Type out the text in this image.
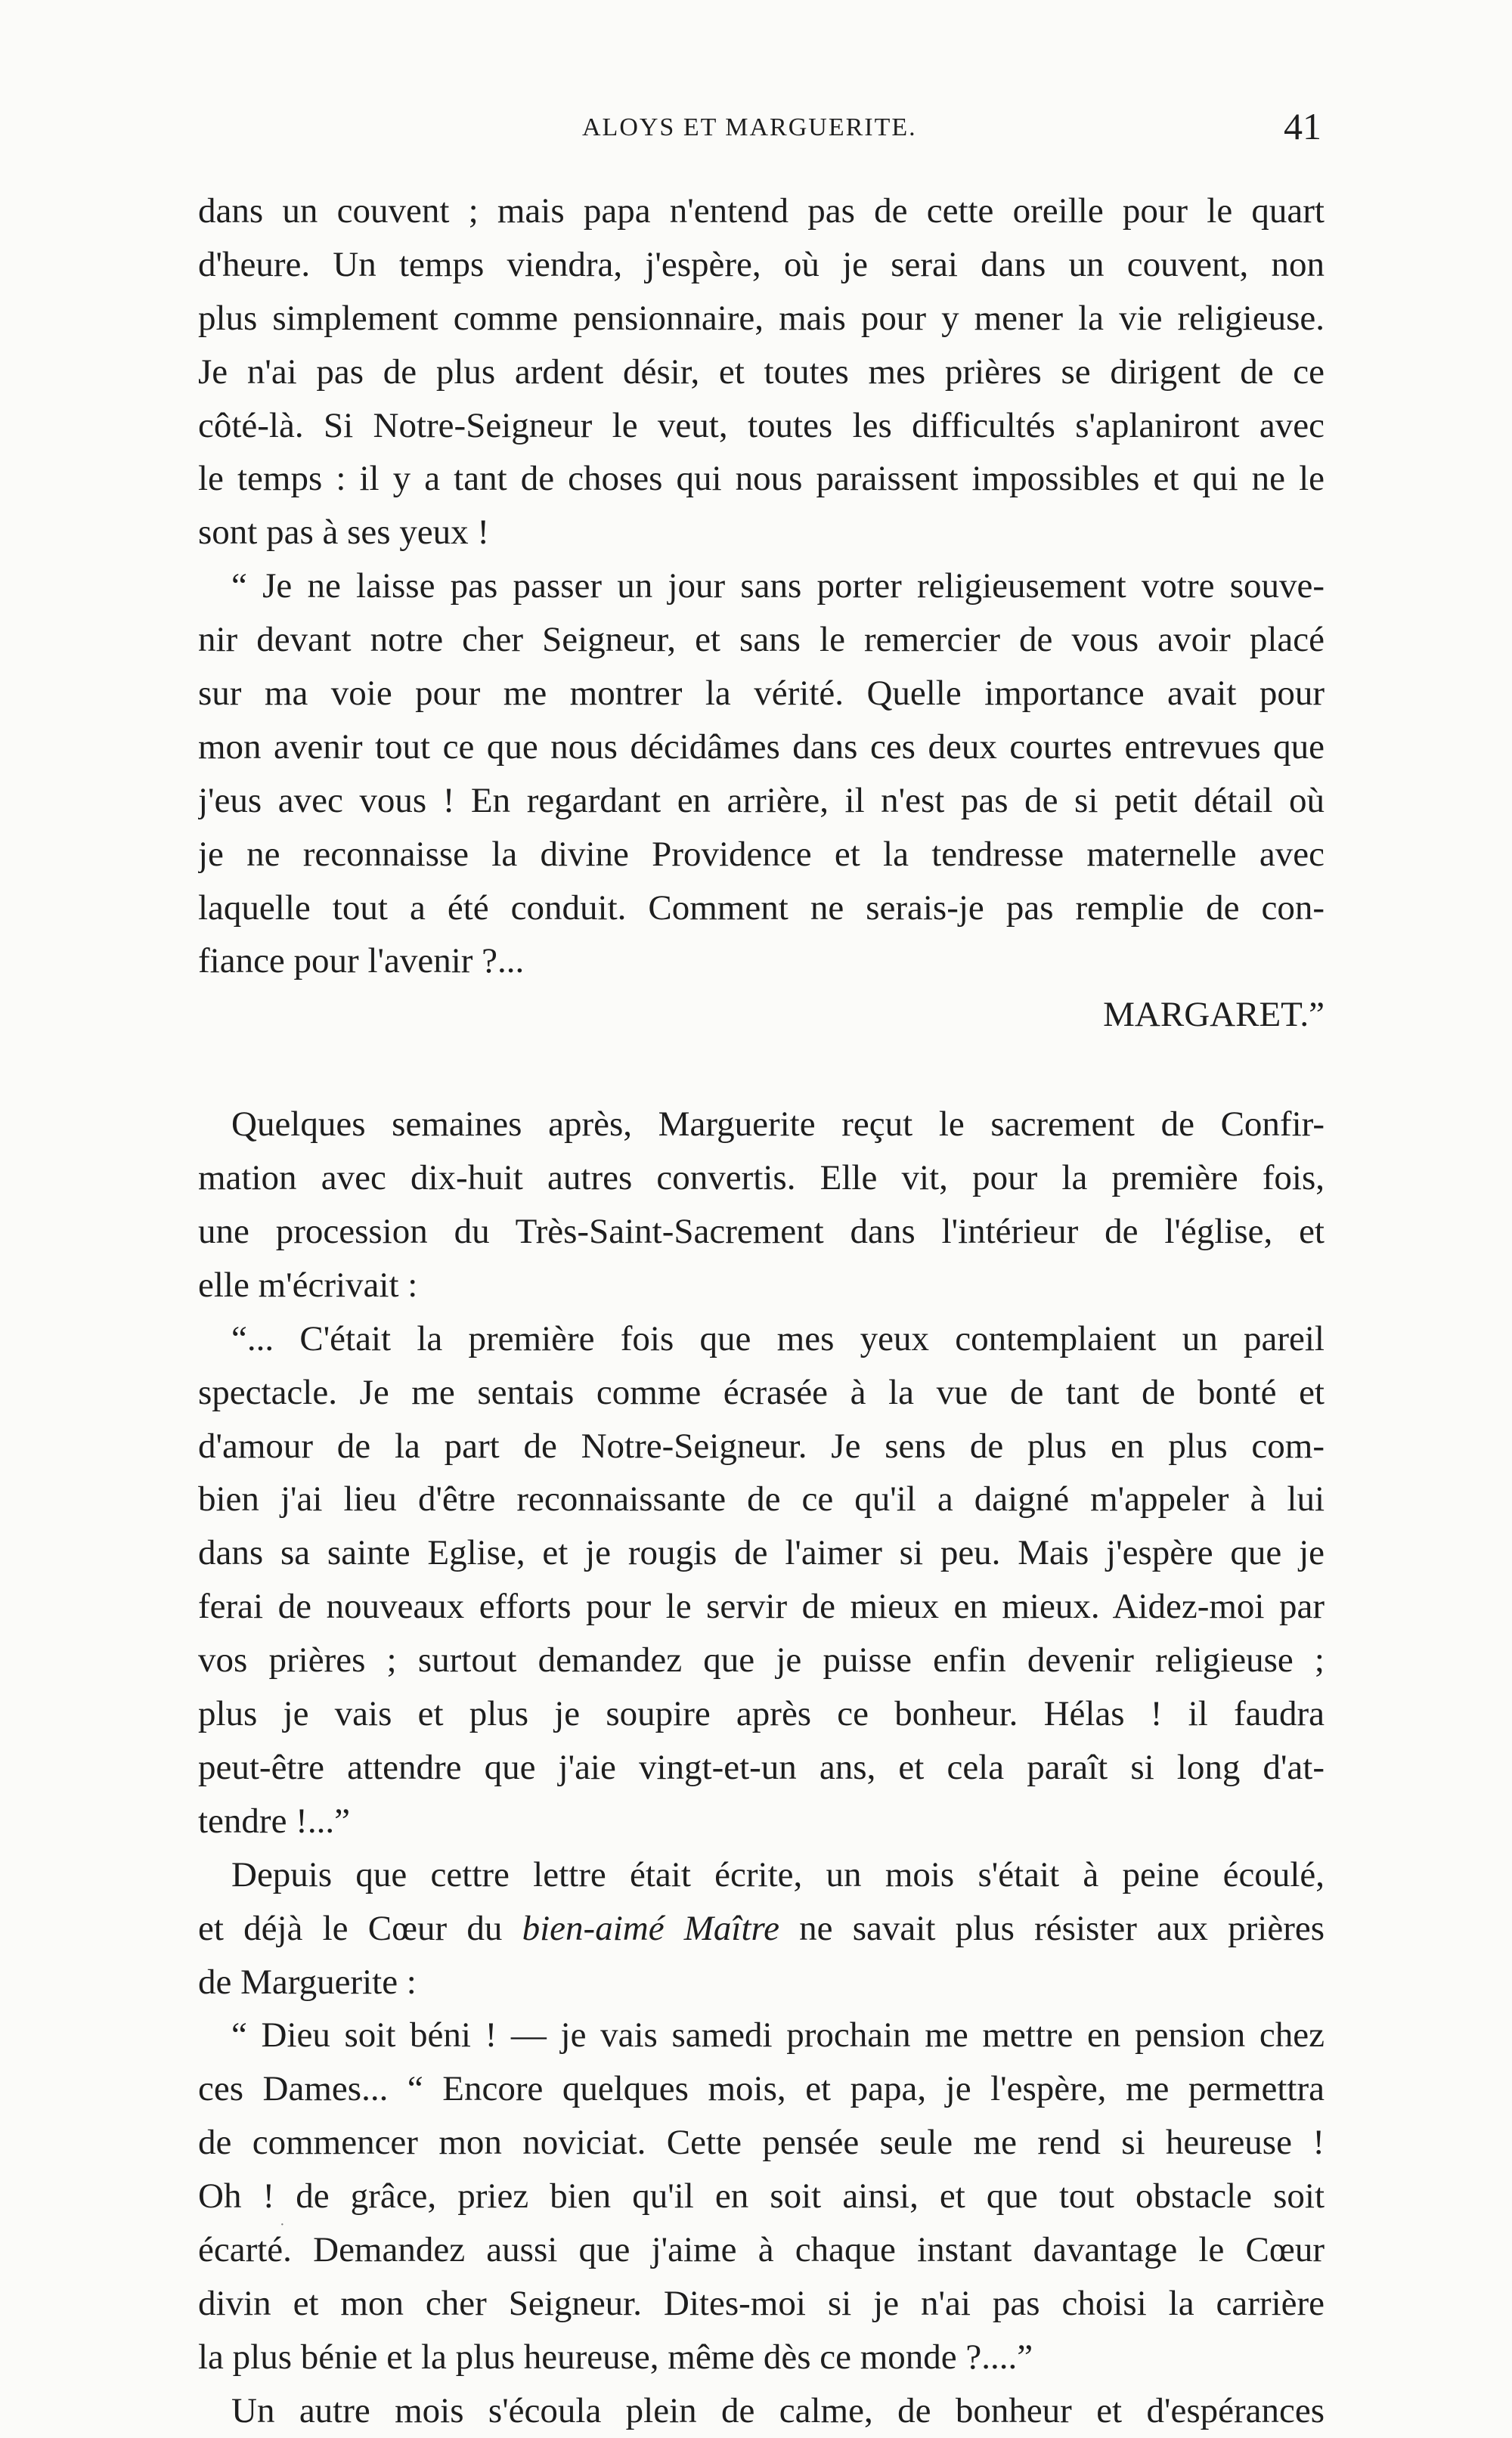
ALOYS ET MARGUERITE.	41
dans un couvent ; mais papa n'entend pas de cette oreille pour le quart
d'heure. Un temps viendra, j'espère, où je serai dans un couvent, non
plus simplement comme pensionnaire, mais pour y mener la vie religieuse.
Je n'ai pas de plus ardent désir, et toutes mes prières se dirigent de ce
côté-là. Si Notre-Seigneur le veut, toutes les difficultés s'aplaniront avec
le temps : il y a tant de choses qui nous paraissent impossibles et qui ne le
sont pas à ses yeux !
“ Je ne laisse pas passer un jour sans porter religieusement votre souve-
nir devant notre cher Seigneur, et sans le remercier de vous avoir placé
sur ma voie pour me montrer la vérité. Quelle importance avait pour
mon avenir tout ce que nous décidâmes dans ces deux courtes entrevues que
j'eus avec vous ! En regardant en arrière, il n'est pas de si petit détail où
je ne reconnaisse la divine Providence et la tendresse maternelle avec
laquelle tout a été conduit. Comment ne serais-je pas remplie de con-
fiance pour l'avenir ?...
MARGARET.”
Quelques semaines après, Marguerite reçut le sacrement de Confir-
mation avec dix-huit autres convertis. Elle vit, pour la première fois,
une procession du Très-Saint-Sacrement dans l'intérieur de l'église, et
elle m'écrivait :
“... C'était la première fois que mes yeux contemplaient un pareil
spectacle. Je me sentais comme écrasée à la vue de tant de bonté et
d'amour de la part de Notre-Seigneur. Je sens de plus en plus com-
bien j'ai lieu d'être reconnaissante de ce qu'il a daigné m'appeler à lui
dans sa sainte Eglise, et je rougis de l'aimer si peu. Mais j'espère que je
ferai de nouveaux efforts pour le servir de mieux en mieux. Aidez-moi par
vos prières ; surtout demandez que je puisse enfin devenir religieuse ;
plus je vais et plus je soupire après ce bonheur. Hélas ! il faudra
peut-être attendre que j'aie vingt-et-un ans, et cela paraît si long d'at-
tendre !...”
Depuis que cettre lettre était écrite, un mois s'était à peine écoulé,
et déjà le Cœur du bien-aimé Maître ne savait plus résister aux prières
de Marguerite :
“ Dieu soit béni ! — je vais samedi prochain me mettre en pension chez
ces Dames... “ Encore quelques mois, et papa, je l'espère, me permettra
de commencer mon noviciat. Cette pensée seule me rend si heureuse !
Oh ! de grâce, priez bien qu'il en soit ainsi, et que tout obstacle soit
écarté. Demandez aussi que j'aime à chaque instant davantage le Cœur
divin et mon cher Seigneur. Dites-moi si je n'ai pas choisi la carrière
la plus bénie et la plus heureuse, même dès ce monde ?....”
Un autre mois s'écoula plein de calme, de bonheur et d'espérances
·
